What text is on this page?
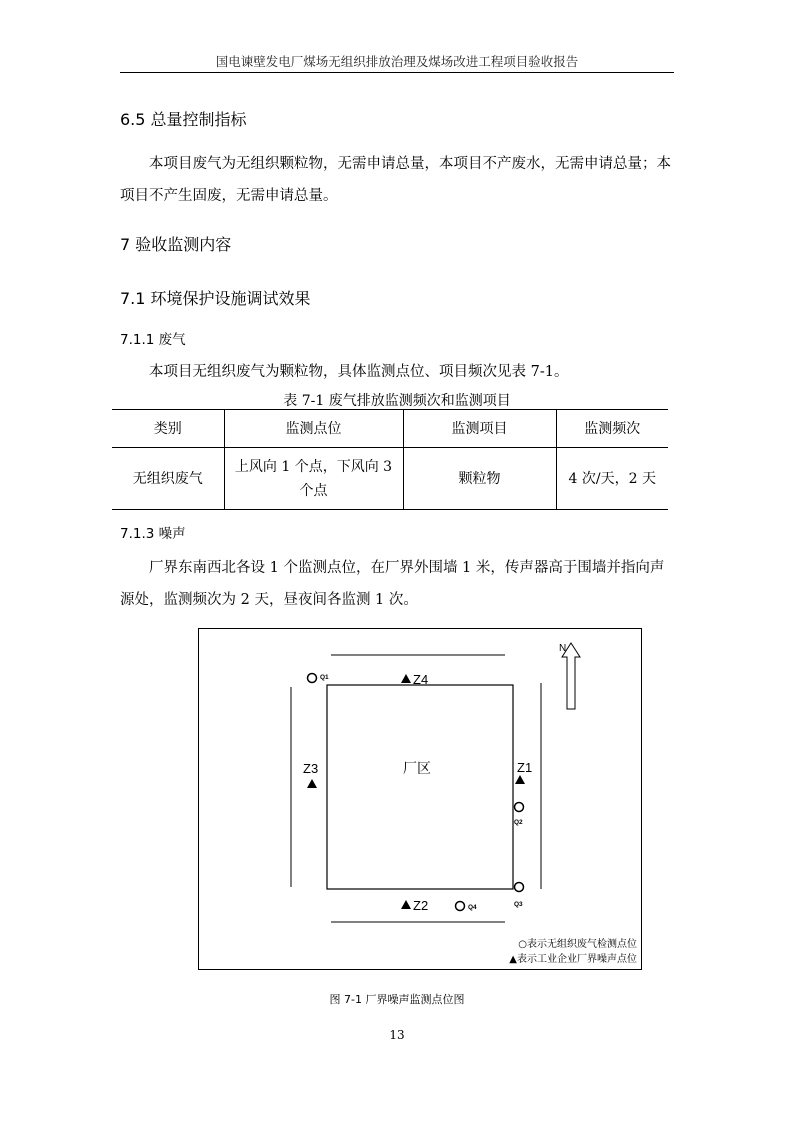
国电谏壁发电厂煤场无组织排放治理及煤场改进工程项目验收报告
6.5 总量控制指标
本项目废气为无组织颗粒物，无需申请总量，本项目不产废水，无需申请总量；本项目不产生固废，无需申请总量。
7 验收监测内容
7.1 环境保护设施调试效果
7.1.1 废气
本项目无组织废气为颗粒物，具体监测点位、项目频次见表 7-1。
表 7-1 废气排放监测频次和监测项目
类别	监测点位	监测项目	监测频次
无组织废气	上风向 1 个点，下风向 3 个点	颗粒物	4 次/天，2 天
7.1.3 噪声
厂界东南西北各设 1 个监测点位，在厂界外围墙 1 米，传声器高于围墙并指向声源处，监测频次为 2 天，昼夜间各监测 1 次。
N
厂区
Z4
Z3	Z1
Z2
Q1
Q2
Q3
Q4
○表示无组织废气检测点位
▲表示工业企业厂界噪声点位
图 7-1 厂界噪声监测点位图
13
